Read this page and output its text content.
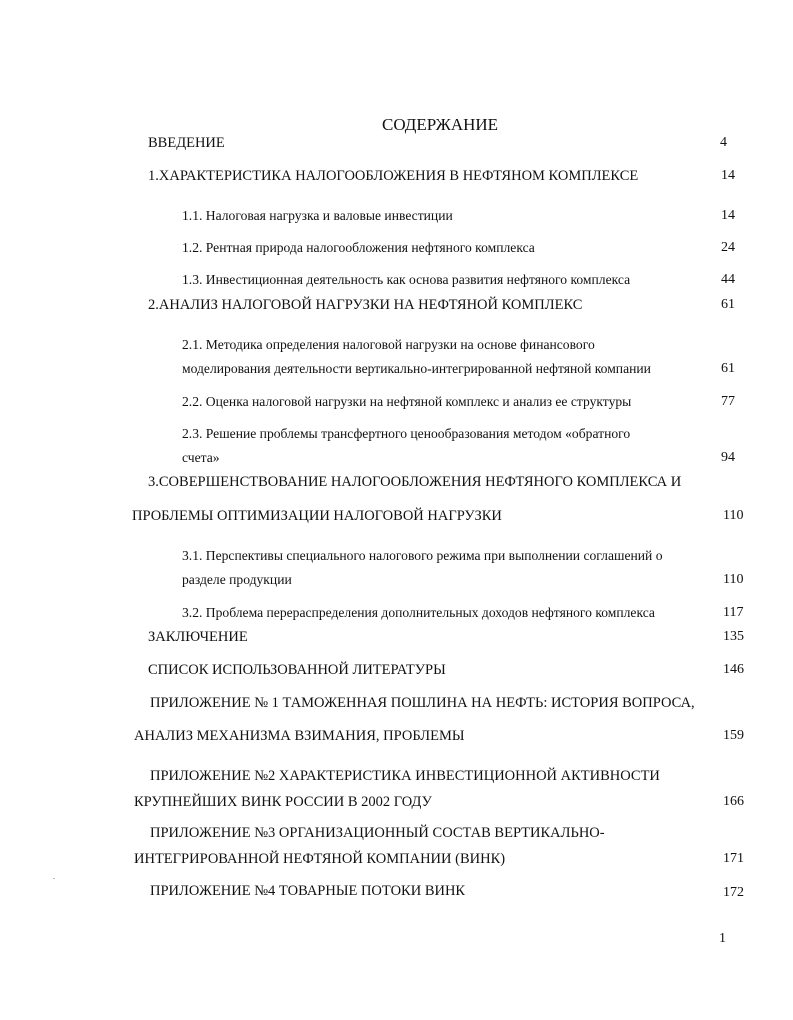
СОДЕРЖАНИЕ
ВВЕДЕНИЕ	4
1.ХАРАКТЕРИСТИКА НАЛОГООБЛОЖЕНИЯ В НЕФТЯНОМ КОМПЛЕКСЕ	14
1.1. Налоговая нагрузка и валовые инвестиции	14
1.2. Рентная природа налогообложения нефтяного комплекса	24
1.3. Инвестиционная деятельность как основа развития нефтяного комплекса	44
2.АНАЛИЗ НАЛОГОВОЙ НАГРУЗКИ НА НЕФТЯНОЙ КОМПЛЕКС	61
2.1. Методика определения налоговой нагрузки на основе финансового
моделирования деятельности вертикально-интегрированной нефтяной компании	61
2.2. Оценка налоговой нагрузки на нефтяной комплекс и анализ ее структуры	77
2.3. Решение проблемы трансфертного ценообразования методом «обратного
счета»	94
3.СОВЕРШЕНСТВОВАНИЕ НАЛОГООБЛОЖЕНИЯ НЕФТЯНОГО КОМПЛЕКСА И
ПРОБЛЕМЫ ОПТИМИЗАЦИИ НАЛОГОВОЙ НАГРУЗКИ	110
3.1. Перспективы специального налогового режима при выполнении соглашений о
разделе продукции	110
3.2. Проблема перераспределения дополнительных доходов нефтяного комплекса	117
ЗАКЛЮЧЕНИЕ	135
СПИСОК ИСПОЛЬЗОВАННОЙ ЛИТЕРАТУРЫ	146
ПРИЛОЖЕНИЕ № 1 ТАМОЖЕННАЯ ПОШЛИНА НА НЕФТЬ: ИСТОРИЯ ВОПРОСА,
АНАЛИЗ МЕХАНИЗМА ВЗИМАНИЯ, ПРОБЛЕМЫ	159
ПРИЛОЖЕНИЕ №2 ХАРАКТЕРИСТИКА ИНВЕСТИЦИОННОЙ АКТИВНОСТИ
КРУПНЕЙШИХ ВИНК РОССИИ В 2002 ГОДУ	166
ПРИЛОЖЕНИЕ №3 ОРГАНИЗАЦИОННЫЙ СОСТАВ ВЕРТИКАЛЬНО-
ИНТЕГРИРОВАННОЙ НЕФТЯНОЙ КОМПАНИИ (ВИНК)	171
ПРИЛОЖЕНИЕ №4 ТОВАРНЫЕ ПОТОКИ ВИНК	172
1
